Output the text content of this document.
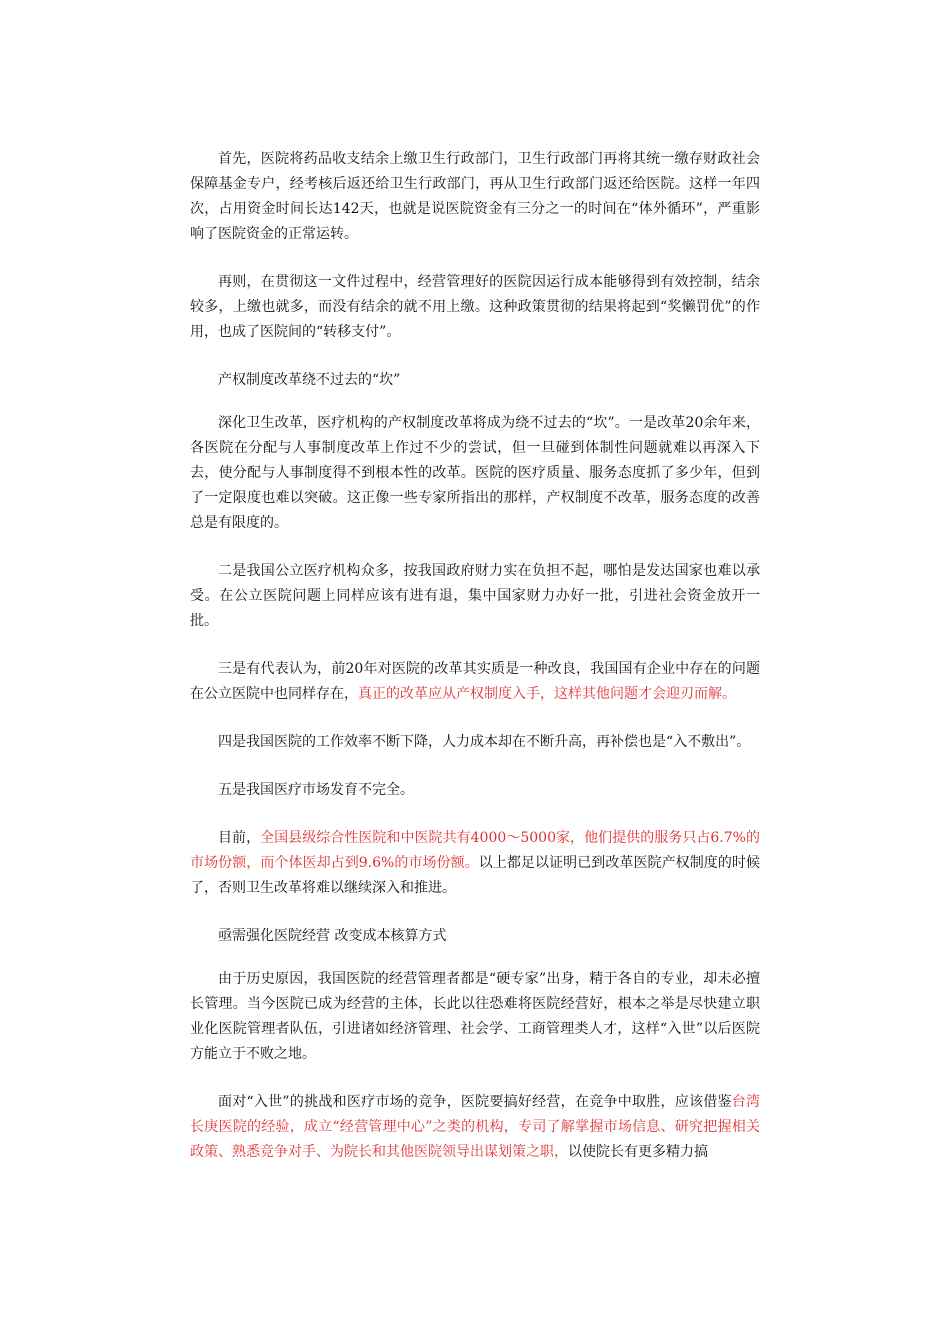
首先，医院将药品收支结余上缴卫生行政部门，卫生行政部门再将其统一缴存财政社会保障基金专户，经考核后返还给卫生行政部门，再从卫生行政部门返还给医院。这样一年四次，占用资金时间长达142天，也就是说医院资金有三分之一的时间在“体外循环”，严重影响了医院资金的正常运转。

再则，在贯彻这一文件过程中，经营管理好的医院因运行成本能够得到有效控制，结余较多，上缴也就多，而没有结余的就不用上缴。这种政策贯彻的结果将起到“奖懒罚优”的作用，也成了医院间的“转移支付”。

产权制度改革绕不过去的“坎”

深化卫生改革，医疗机构的产权制度改革将成为绕不过去的“坎”。一是改革20余年来，各医院在分配与人事制度改革上作过不少的尝试，但一旦碰到体制性问题就难以再深入下去，使分配与人事制度得不到根本性的改革。医院的医疗质量、服务态度抓了多少年，但到了一定限度也难以突破。这正像一些专家所指出的那样，产权制度不改革，服务态度的改善总是有限度的。

二是我国公立医疗机构众多，按我国政府财力实在负担不起，哪怕是发达国家也难以承受。在公立医院问题上同样应该有进有退，集中国家财力办好一批，引进社会资金放开一批。

三是有代表认为，前20年对医院的改革其实质是一种改良，我国国有企业中存在的问题在公立医院中也同样存在，真正的改革应从产权制度入手，这样其他问题才会迎刃而解。

四是我国医院的工作效率不断下降，人力成本却在不断升高，再补偿也是“入不敷出”。

五是我国医疗市场发育不完全。

目前，全国县级综合性医院和中医院共有4000～5000家，他们提供的服务只占6.7%的市场份额，而个体医却占到9.6%的市场份额。以上都足以证明已到改革医院产权制度的时候了，否则卫生改革将难以继续深入和推进。

亟需强化医院经营 改变成本核算方式

由于历史原因，我国医院的经营管理者都是“硬专家”出身，精于各自的专业，却未必擅长管理。当今医院已成为经营的主体，长此以往恐难将医院经营好，根本之举是尽快建立职业化医院管理者队伍，引进诸如经济管理、社会学、工商管理类人才，这样“入世”以后医院方能立于不败之地。

面对“入世”的挑战和医疗市场的竞争，医院要搞好经营，在竞争中取胜，应该借鉴台湾长庚医院的经验，成立“经营管理中心”之类的机构，专司了解掌握市场信息、研究把握相关政策、熟悉竞争对手、为院长和其他医院领导出谋划策之职，以使院长有更多精力搞
